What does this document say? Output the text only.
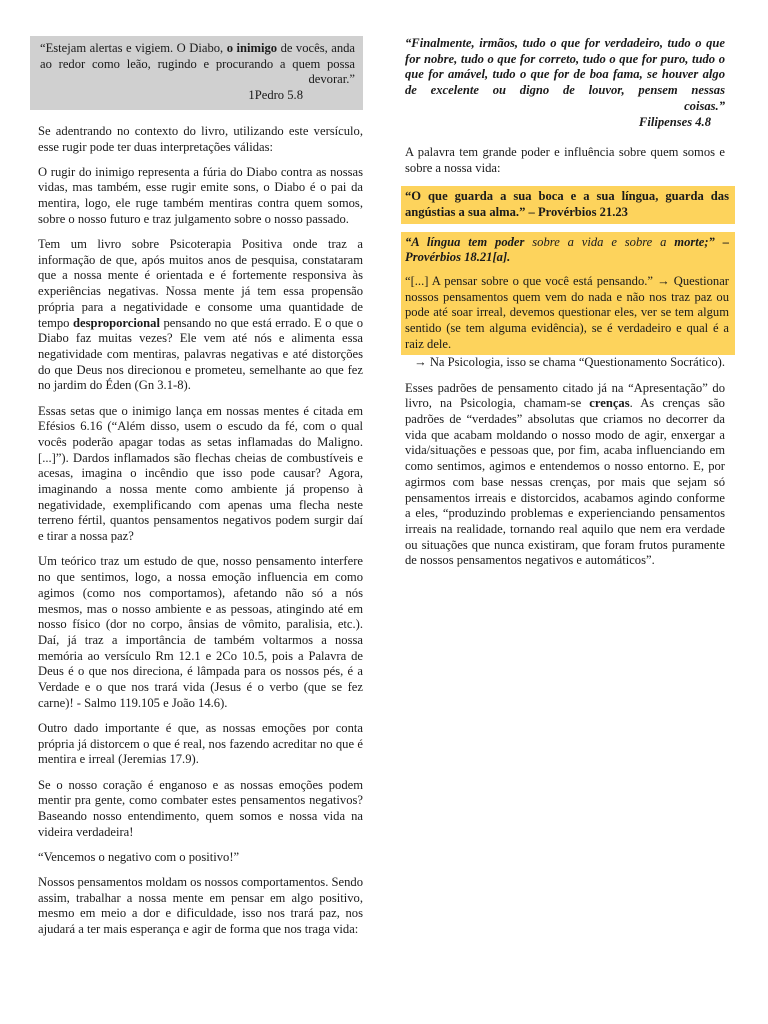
“Estejam alertas e vigiem. O Diabo, o inimigo de vocês, anda ao redor como leão, rugindo e procurando a quem possa devorar.”
1Pedro 5.8

Se adentrando no contexto do livro, utilizando este versículo, esse rugir pode ter duas interpretações válidas:

O rugir do inimigo representa a fúria do Diabo contra as nossas vidas, mas também, esse rugir emite sons, o Diabo é o pai da mentira, logo, ele ruge também mentiras contra quem somos, sobre o nosso futuro e traz julgamento sobre o nosso passado.

Tem um livro sobre Psicoterapia Positiva onde traz a informação de que, após muitos anos de pesquisa, constataram que a nossa mente é orientada e é fortemente responsiva às experiências negativas. Nossa mente já tem essa propensão própria para a negatividade e consome uma quantidade de tempo desproporcional pensando no que está errado. E o que o Diabo faz muitas vezes? Ele vem até nós e alimenta essa negatividade com mentiras, palavras negativas e até distorções do que Deus nos direcionou e prometeu, semelhante ao que fez no jardim do Éden (Gn 3.1-8).

Essas setas que o inimigo lança em nossas mentes é citada em Efésios 6.16 (“Além disso, usem o escudo da fé, com o qual vocês poderão apagar todas as setas inflamadas do Maligno. [...]”). Dardos inflamados são flechas cheias de combustíveis e acesas, imagina o incêndio que isso pode causar? Agora, imaginando a nossa mente como ambiente já propenso à negatividade, exemplificando com apenas uma flecha neste terreno fértil, quantos pensamentos negativos podem surgir daí e tirar a nossa paz?

Um teórico traz um estudo de que, nosso pensamento interfere no que sentimos, logo, a nossa emoção influencia em como agimos (como nos comportamos), afetando não só a nós mesmos, mas o nosso ambiente e as pessoas, atingindo até em nosso físico (dor no corpo, ânsias de vômito, paralisia, etc.). Daí, já traz a importância de também voltarmos a nossa memória ao versículo Rm 12.1 e 2Co 10.5, pois a Palavra de Deus é o que nos direciona, é lâmpada para os nossos pés, é a Verdade e o que nos trará vida (Jesus é o verbo (que se fez carne)! - Salmo 119.105 e João 14.6).

Outro dado importante é que, as nossas emoções por conta própria já distorcem o que é real, nos fazendo acreditar no que é mentira e irreal (Jeremias 17.9).

Se o nosso coração é enganoso e as nossas emoções podem mentir pra gente, como combater estes pensamentos negativos? Baseando nosso entendimento, quem somos e nossa vida na videira verdadeira!

“Vencemos o negativo com o positivo!”

Nossos pensamentos moldam os nossos comportamentos. Sendo assim, trabalhar a nossa mente em pensar em algo positivo, mesmo em meio a dor e dificuldade, isso nos trará paz, nos ajudará a ter mais esperança e agir de forma que nos traga vida:

“Finalmente, irmãos, tudo o que for verdadeiro, tudo o que for nobre, tudo o que for correto, tudo o que for puro, tudo o que for amável, tudo o que for de boa fama, se houver algo de excelente ou digno de louvor, pensem nessas coisas.”
Filipenses 4.8

A palavra tem grande poder e influência sobre quem somos e sobre a nossa vida:

“O que guarda a sua boca e a sua língua, guarda das angústias a sua alma.” – Provérbios 21.23

“A língua tem poder sobre a vida e sobre a morte;” – Provérbios 18.21[a].

“[...] A pensar sobre o que você está pensando.” → Questionar nossos pensamentos quem vem do nada e não nos traz paz ou pode até soar irreal, devemos questionar eles, ver se tem algum sentido (se tem alguma evidência), se é verdadeiro e qual é a raiz dele.

→ Na Psicologia, isso se chama “Questionamento Socrático).

Esses padrões de pensamento citado já na “Apresentação” do livro, na Psicologia, chamam-se crenças. As crenças são padrões de “verdades” absolutas que criamos no decorrer da vida que acabam moldando o nosso modo de agir, enxergar a vida/situações e pessoas que, por fim, acaba influenciando em como sentimos, agimos e entendemos o nosso entorno. E, por agirmos com base nessas crenças, por mais que sejam só pensamentos irreais e distorcidos, acabamos agindo conforme a eles, “produzindo problemas e experienciando pensamentos irreais na realidade, tornando real aquilo que nem era verdade ou situações que nunca existiram, que foram frutos puramente de nossos pensamentos negativos e automáticos”.
